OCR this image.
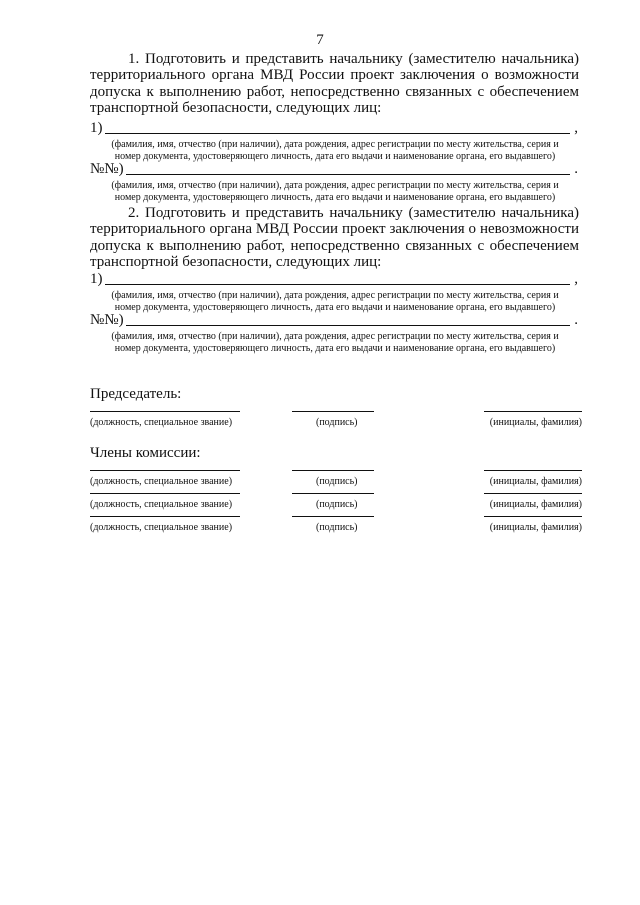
7
1. Подготовить и представить начальнику (заместителю начальника)
территориального органа МВД России проект заключения о возможности
допуска к выполнению работ, непосредственно связанных с обеспечением
транспортной безопасности, следующих лиц:
1)	,
(фамилия, имя, отчество (при наличии), дата рождения, адрес регистрации по месту жительства, серия и
номер документа, удостоверяющего личность, дата его выдачи и наименование органа, его выдавшего)
№№)	.
(фамилия, имя, отчество (при наличии), дата рождения, адрес регистрации по месту жительства, серия и
номер документа, удостоверяющего личность, дата его выдачи и наименование органа, его выдавшего)
2. Подготовить и представить начальнику (заместителю начальника)
территориального органа МВД России проект заключения о невозможности
допуска к выполнению работ, непосредственно связанных с обеспечением
транспортной безопасности, следующих лиц:
1)	,
(фамилия, имя, отчество (при наличии), дата рождения, адрес регистрации по месту жительства, серия и
номер документа, удостоверяющего личность, дата его выдачи и наименование органа, его выдавшего)
№№)	.
(фамилия, имя, отчество (при наличии), дата рождения, адрес регистрации по месту жительства, серия и
номер документа, удостоверяющего личность, дата его выдачи и наименование органа, его выдавшего)
Председатель:
(должность, специальное звание)	(подпись)	(инициалы, фамилия)
Члены комиссии:
(должность, специальное звание)	(подпись)	(инициалы, фамилия)
(должность, специальное звание)	(подпись)	(инициалы, фамилия)
(должность, специальное звание)	(подпись)	(инициалы, фамилия)
